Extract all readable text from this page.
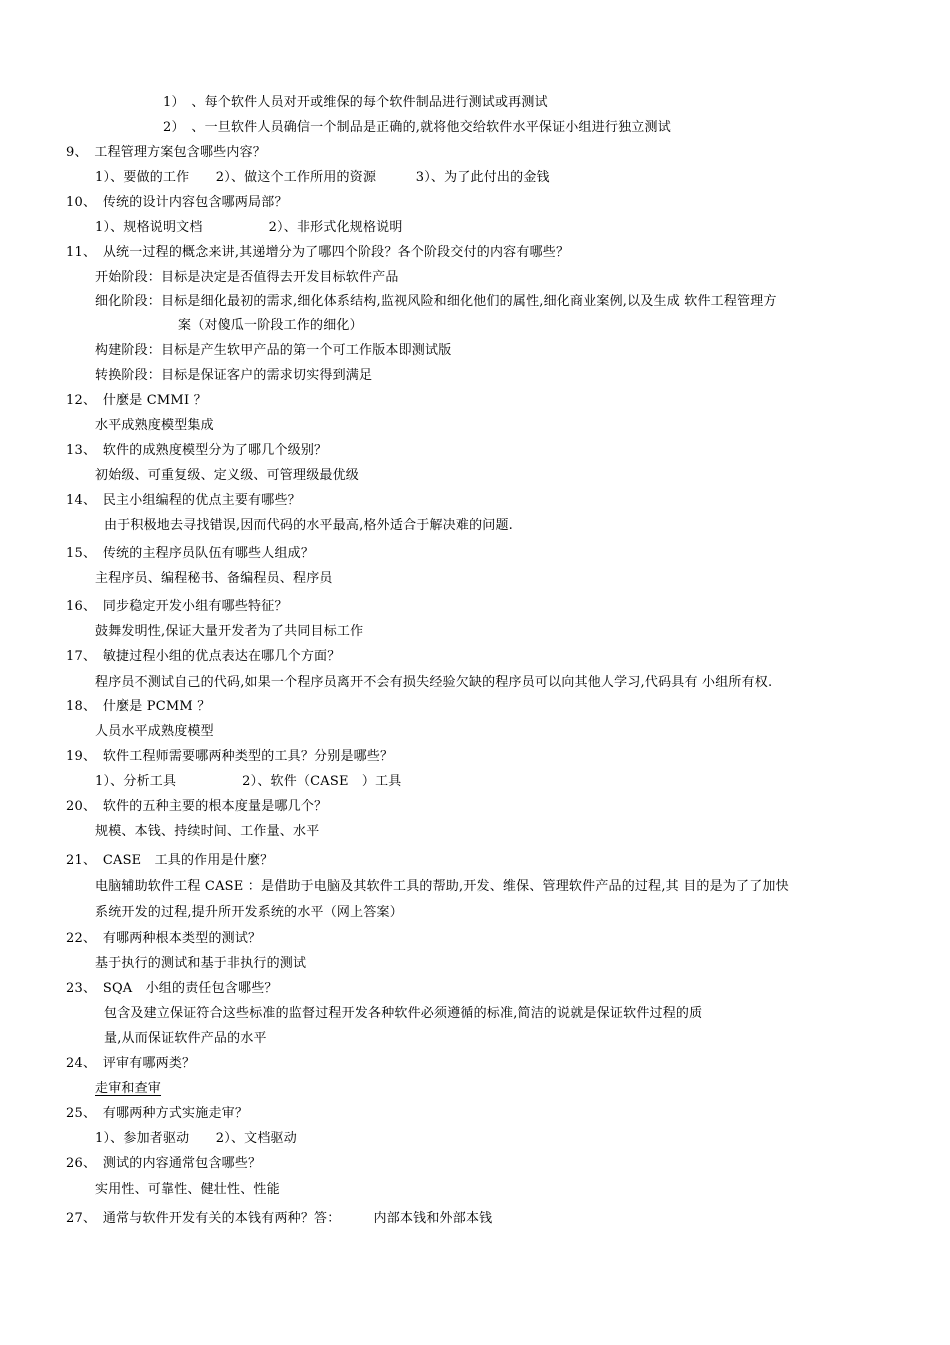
1）　、每个软件人员对开或维保的每个软件制品进行测试或再测试
2）　、一旦软件人员确信一个制品是正确的,就将他交给软件水平保证小组进行独立测试
9、　工程管理方案包含哪些内容？
1）、要做的工作　　2）、做这个工作所用的资源　　　3）、为了此付出的金钱
10、　传统的设计内容包含哪两局部？
1）、规格说明文档　　　　　2）、非形式化规格说明
11、　从统一过程的概念来讲,其递增分为了哪四个阶段？各个阶段交付的内容有哪些？
开始阶段：目标是决定是否值得去开发目标软件产品
细化阶段：目标是细化最初的需求,细化体系结构,监视风险和细化他们的属性,细化商业案例,以及生成 软件工程管理方
案（对傻瓜一阶段工作的细化）
构建阶段：目标是产生软甲产品的第一个可工作版本即测试版
转换阶段：目标是保证客户的需求切实得到满足
12、　什麼是 CMMI ？
水平成熟度模型集成
13、　软件的成熟度模型分为了哪几个级别？
初始级、可重复级、定义级、可管理级最优级
14、　民主小组编程的优点主要有哪些？
由于积极地去寻找错误,因而代码的水平最高,格外适合于解决难的问题.
15、　传统的主程序员队伍有哪些人组成？
主程序员、编程秘书、备编程员、程序员
16、　同步稳定开发小组有哪些特征？
鼓舞发明性,保证大量开发者为了共同目标工作
17、　敏捷过程小组的优点表达在哪几个方面？
程序员不测试自己的代码,如果一个程序员离开不会有损失经验欠缺的程序员可以向其他人学习,代码具有 小组所有权.
18、　什麼是 PCMM ？
人员水平成熟度模型
19、　软件工程师需要哪两种类型的工具？分别是哪些？
1）、分析工具　　　　　2）、软件（CASE　）工具
20、　软件的五种主要的根本度量是哪几个？
规模、本钱、持续时间、工作量、水平
21、　CASE　工具的作用是什麼？
电脑辅助软件工程 CASE ：是借助于电脑及其软件工具的帮助,开发、维保、管理软件产品的过程,其 目的是为了了加快
系统开发的过程,提升所开发系统的水平（网上答案）
22、　有哪两种根本类型的测试？
基于执行的测试和基于非执行的测试
23、　SQA　小组的责任包含哪些？
包含及建立保证符合这些标准的监督过程开发各种软件必须遵循的标准,简洁的说就是保证软件过程的质
量,从而保证软件产品的水平
24、　评审有哪两类？
走审和查审
25、　有哪两种方式实施走审？
1）、参加者驱动　　2）、文档驱动
26、　测试的内容通常包含哪些？
实用性、可靠性、健壮性、性能
27、　通常与软件开发有关的本钱有两种？答：　　　内部本钱和外部本钱
